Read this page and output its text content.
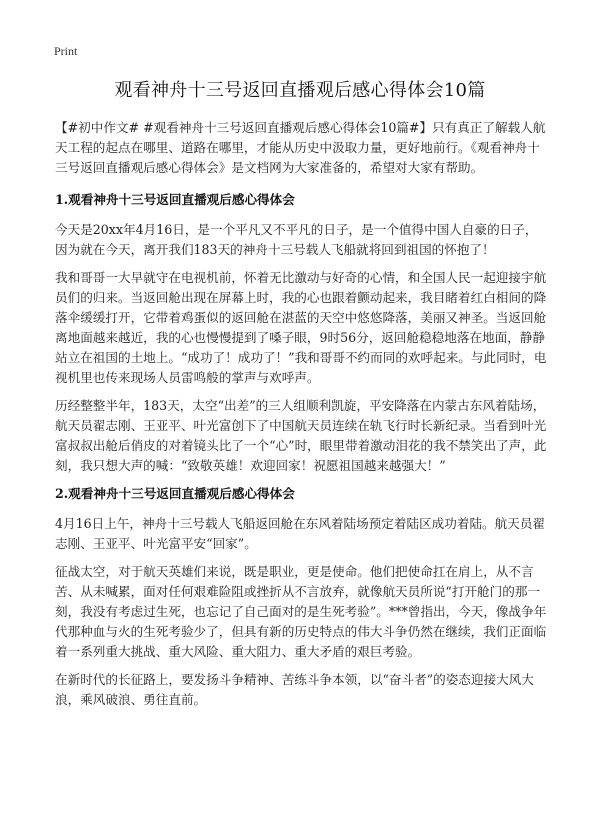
Print
观看神舟十三号返回直播观后感心得体会10篇

【#初中作文# #观看神舟十三号返回直播观后感心得体会10篇#】只有真正了解载人航天工程的起点在哪里、道路在哪里，才能从历史中汲取力量，更好地前行。《观看神舟十三号返回直播观后感心得体会》是文档网为大家准备的，希望对大家有帮助。

1.观看神舟十三号返回直播观后感心得体会

今天是20xx年4月16日，是一个平凡又不平凡的日子，是一个值得中国人自豪的日子，因为就在今天，离开我们183天的神舟十三号载人飞船就将回到祖国的怀抱了！

我和哥哥一大早就守在电视机前，怀着无比激动与好奇的心情，和全国人民一起迎接宇航员们的归来。当返回舱出现在屏幕上时，我的心也跟着颤动起来，我目睹着红白相间的降落伞缓缓打开，它带着鸡蛋似的返回舱在湛蓝的天空中悠悠降落，美丽又神圣。当返回舱离地面越来越近，我的心也慢慢提到了嗓子眼，9时56分，返回舱稳稳地落在地面，静静站立在祖国的土地上。“成功了！成功了！”我和哥哥不约而同的欢呼起来。与此同时，电视机里也传来现场人员雷鸣般的掌声与欢呼声。

历经整整半年，183天，太空“出差”的三人组顺利凯旋，平安降落在内蒙古东风着陆场，航天员翟志刚、王亚平、叶光富创下了中国航天员连续在轨飞行时长新纪录。当看到叶光富叔叔出舱后俏皮的对着镜头比了一个“心”时，眼里带着激动泪花的我不禁笑出了声，此刻，我只想大声的喊：“致敬英雄！欢迎回家！祝愿祖国越来越强大！”

2.观看神舟十三号返回直播观后感心得体会

4月16日上午，神舟十三号载人飞船返回舱在东风着陆场预定着陆区成功着陆。航天员翟志刚、王亚平、叶光富平安“回家”。

征战太空，对于航天英雄们来说，既是职业，更是使命。他们把使命扛在肩上，从不言苦、从未喊累，面对任何艰难险阻或挫折从不言放弃，就像航天员所说“打开舱门的那一刻，我没有考虑过生死，也忘记了自己面对的是生死考验”。***曾指出，今天，像战争年代那种血与火的生死考验少了，但具有新的历史特点的伟大斗争仍然在继续，我们正面临着一系列重大挑战、重大风险、重大阻力、重大矛盾的艰巨考验。

在新时代的长征路上，要发扬斗争精神、苦练斗争本领，以“奋斗者”的姿态迎接大风大浪，乘风破浪、勇往直前。
